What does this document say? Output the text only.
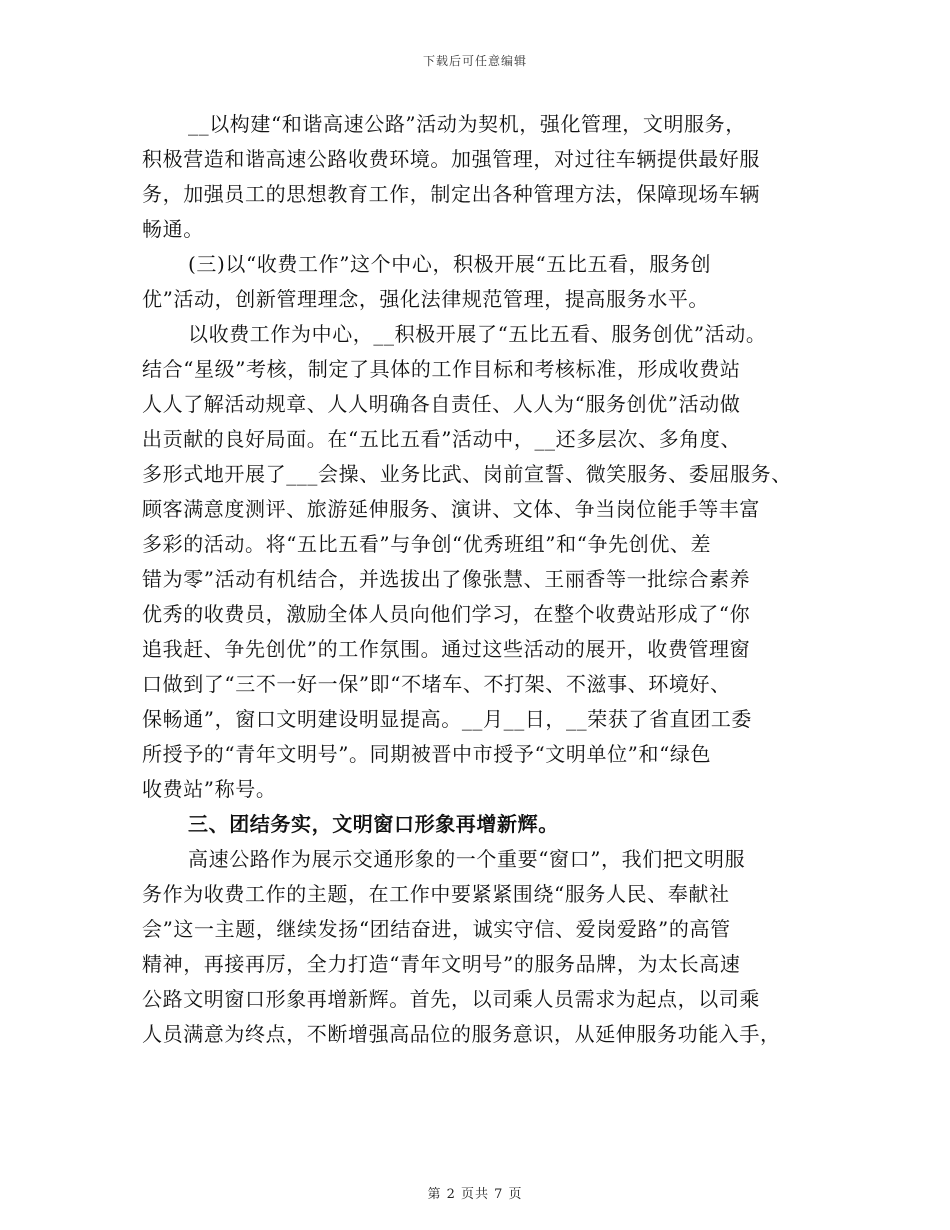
下载后可任意编辑
__以构建“和谐高速公路”活动为契机，强化管理，文明服务，
积极营造和谐高速公路收费环境。加强管理，对过往车辆提供最好服
务，加强员工的思想教育工作，制定出各种管理方法，保障现场车辆
畅通。
(三)以“收费工作”这个中心，积极开展“五比五看，服务创
优”活动，创新管理理念，强化法律规范管理，提高服务水平。
以收费工作为中心，__积极开展了“五比五看、服务创优”活动。
结合“星级”考核，制定了具体的工作目标和考核标准，形成收费站
人人了解活动规章、人人明确各自责任、人人为“服务创优”活动做
出贡献的良好局面。在“五比五看”活动中，__还多层次、多角度、
多形式地开展了___会操、业务比武、岗前宣誓、微笑服务、委屈服务、
顾客满意度测评、旅游延伸服务、演讲、文体、争当岗位能手等丰富
多彩的活动。将“五比五看”与争创“优秀班组”和“争先创优、差
错为零”活动有机结合，并选拔出了像张慧、王丽香等一批综合素养
优秀的收费员，激励全体人员向他们学习，在整个收费站形成了“你
追我赶、争先创优”的工作氛围。通过这些活动的展开，收费管理窗
口做到了“三不一好一保”即“不堵车、不打架、不滋事、环境好、
保畅通”，窗口文明建设明显提高。__月__日，__荣获了省直团工委
所授予的“青年文明号”。同期被晋中市授予“文明单位”和“绿色
收费站”称号。
三、团结务实，文明窗口形象再增新辉。
高速公路作为展示交通形象的一个重要“窗口”，我们把文明服
务作为收费工作的主题，在工作中要紧紧围绕“服务人民、奉献社
会”这一主题，继续发扬“团结奋进，诚实守信、爱岗爱路”的高管
精神，再接再厉，全力打造“青年文明号”的服务品牌，为太长高速
公路文明窗口形象再增新辉。首先，以司乘人员需求为起点，以司乘
人员满意为终点，不断增强高品位的服务意识，从延伸服务功能入手，
第 2 页共 7 页
